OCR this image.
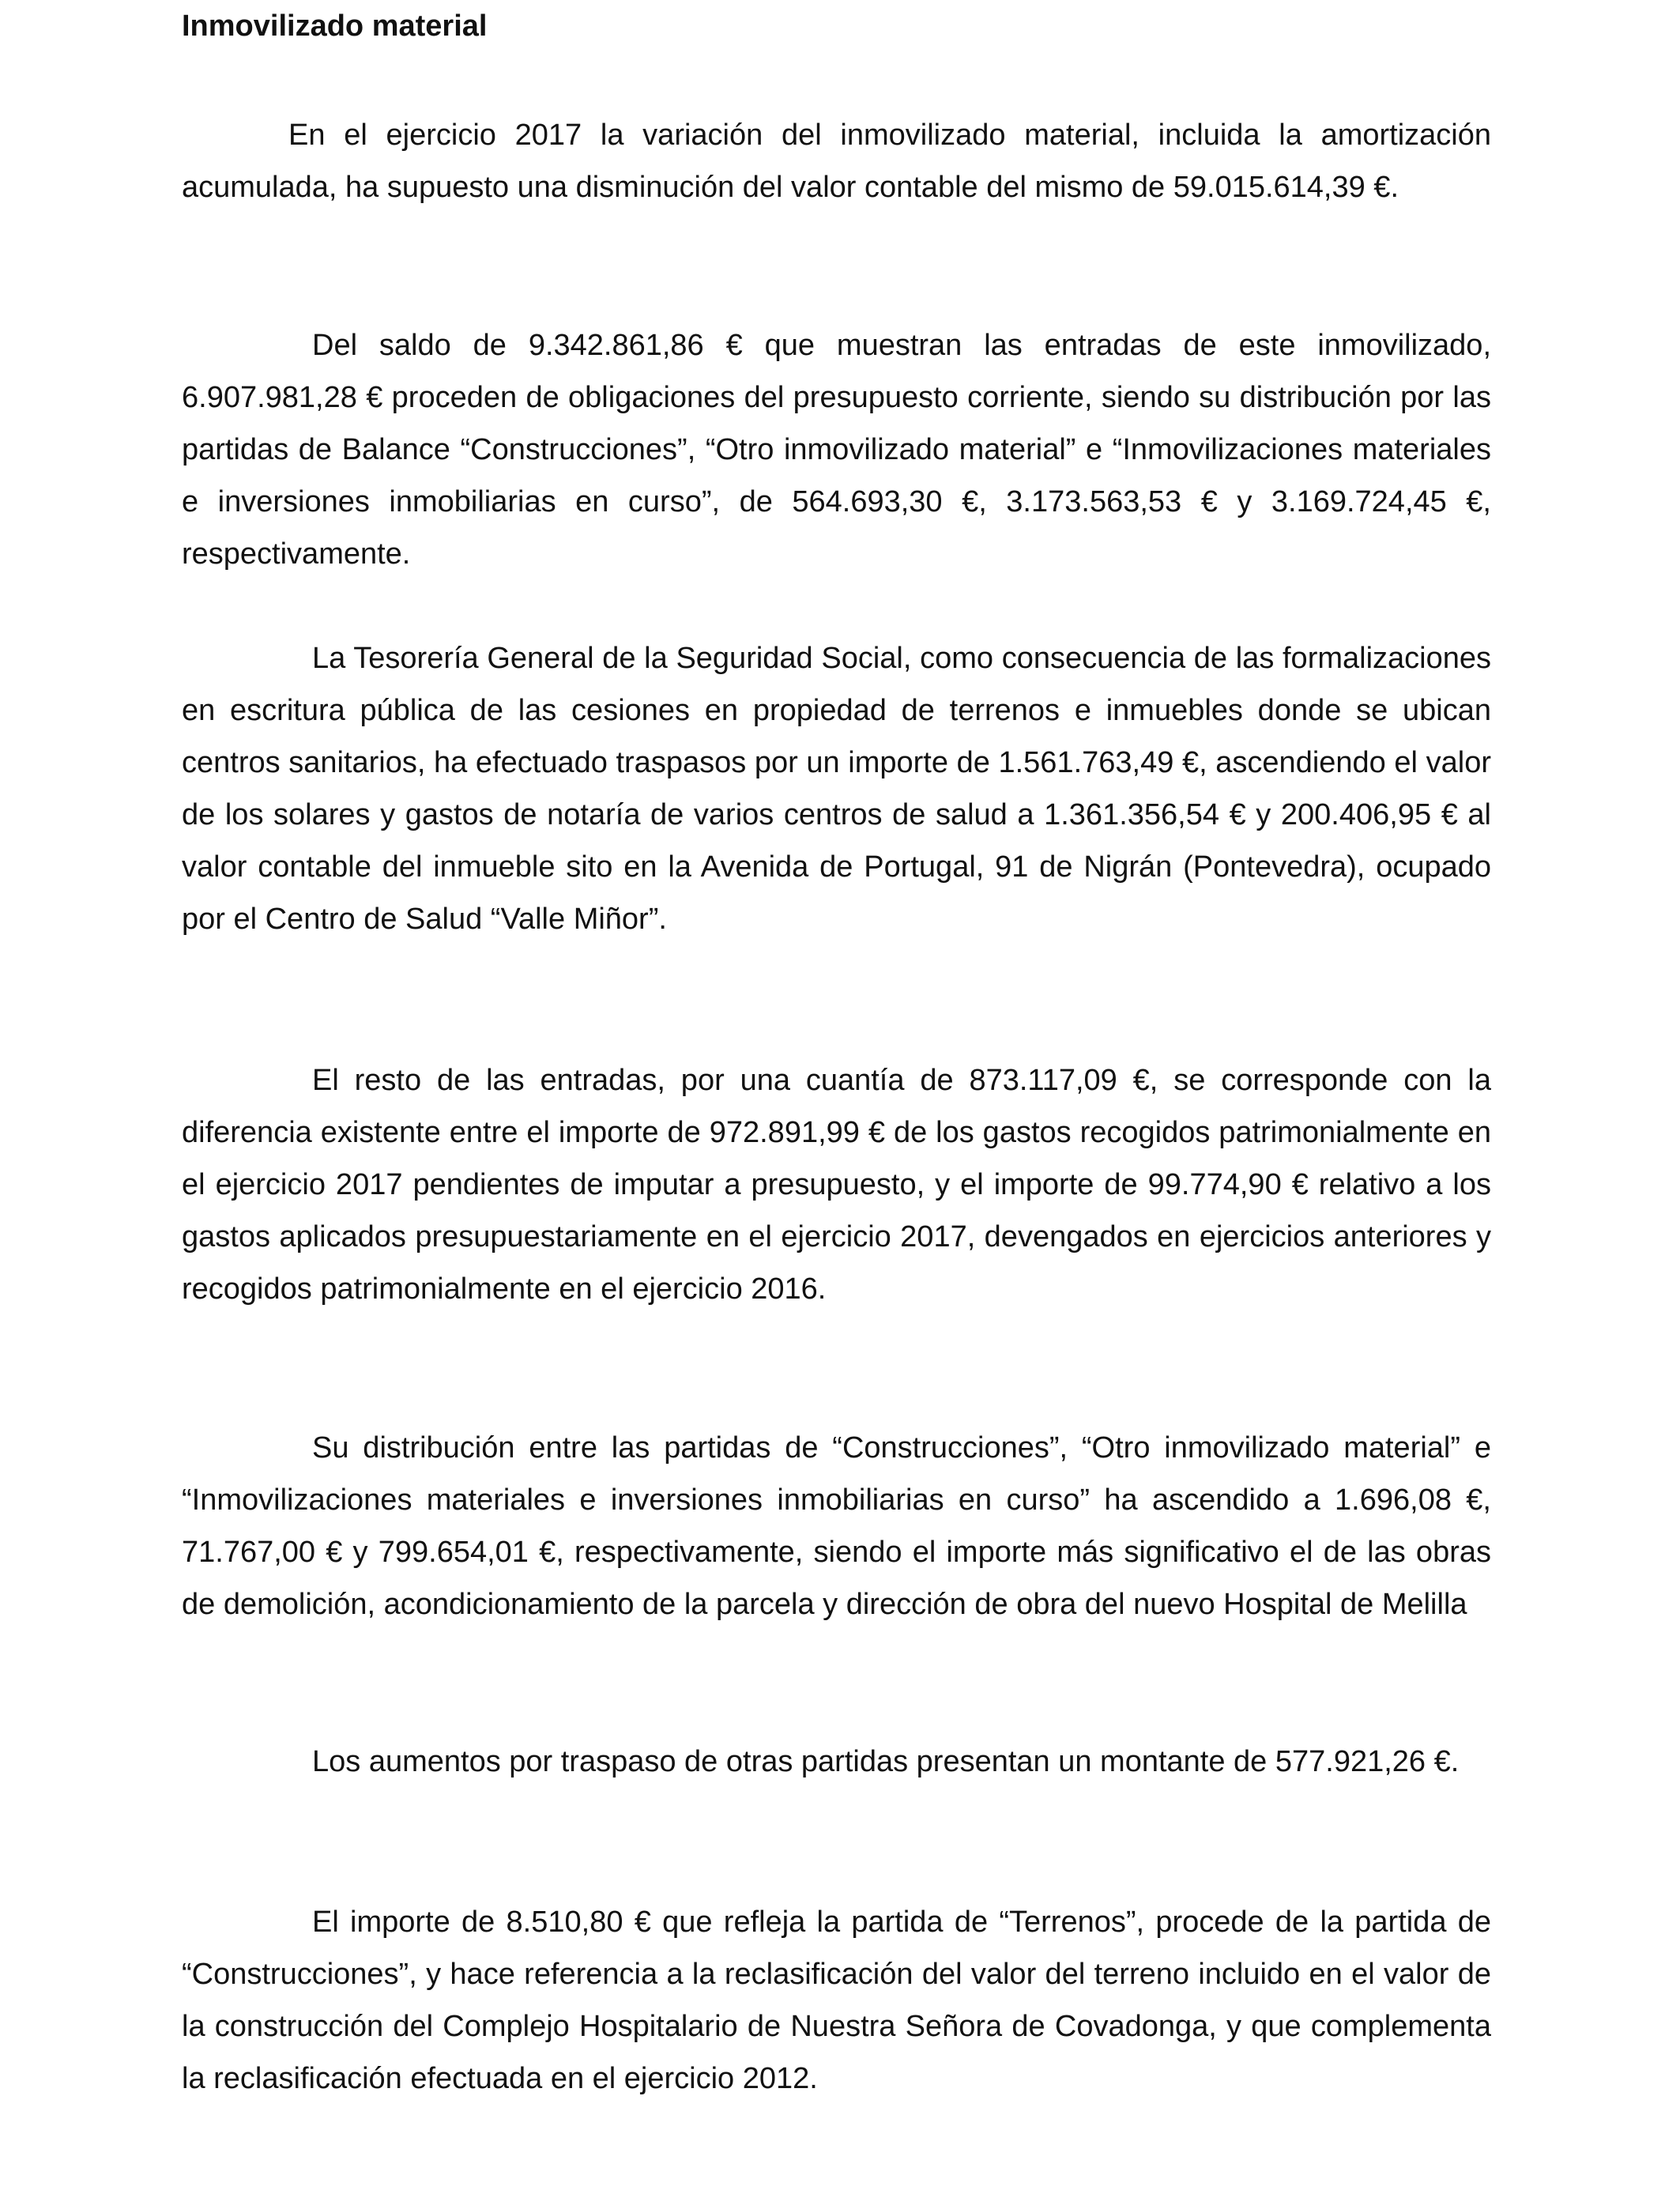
Inmovilizado material

En el ejercicio 2017 la variación del inmovilizado material, incluida la amortización acumulada, ha supuesto una disminución del valor contable del mismo de 59.015.614,39 €.

Del saldo de 9.342.861,86 € que muestran las entradas de este inmovilizado, 6.907.981,28 € proceden de obligaciones del presupuesto corriente, siendo su distribución por las partidas de Balance “Construcciones”, “Otro inmovilizado material” e “Inmovilizaciones materiales e inversiones inmobiliarias en curso”, de 564.693,30 €, 3.173.563,53 € y 3.169.724,45 €, respectivamente.

La Tesorería General de la Seguridad Social, como consecuencia de las formalizaciones en escritura pública de las cesiones en propiedad de terrenos e inmuebles donde se ubican centros sanitarios, ha efectuado traspasos por un importe de 1.561.763,49 €, ascendiendo el valor de los solares y gastos de notaría de varios centros de salud a 1.361.356,54 € y 200.406,95 € al valor contable del inmueble sito en la Avenida de Portugal, 91 de Nigrán (Pontevedra), ocupado por el Centro de Salud “Valle Miñor”.

El resto de las entradas, por una cuantía de 873.117,09 €, se corresponde con la diferencia existente entre el importe de 972.891,99 € de los gastos recogidos patrimonialmente en el ejercicio 2017 pendientes de imputar a presupuesto, y el importe de 99.774,90 € relativo a los gastos aplicados presupuestariamente en el ejercicio 2017, devengados en ejercicios anteriores y recogidos patrimonialmente en el ejercicio 2016.

Su distribución entre las partidas de “Construcciones”, “Otro inmovilizado material” e “Inmovilizaciones materiales e inversiones inmobiliarias en curso” ha ascendido a 1.696,08 €, 71.767,00 € y 799.654,01 €, respectivamente, siendo el importe más significativo el de las obras de demolición, acondicionamiento de la parcela y dirección de obra del nuevo Hospital de Melilla

Los aumentos por traspaso de otras partidas presentan un montante de 577.921,26 €.

El importe de 8.510,80 € que refleja la partida de “Terrenos”, procede de la partida de “Construcciones”, y hace referencia a la reclasificación del valor del terreno incluido en el valor de la construcción del Complejo Hospitalario de Nuestra Señora de Covadonga, y que complementa la reclasificación efectuada en el ejercicio 2012.
